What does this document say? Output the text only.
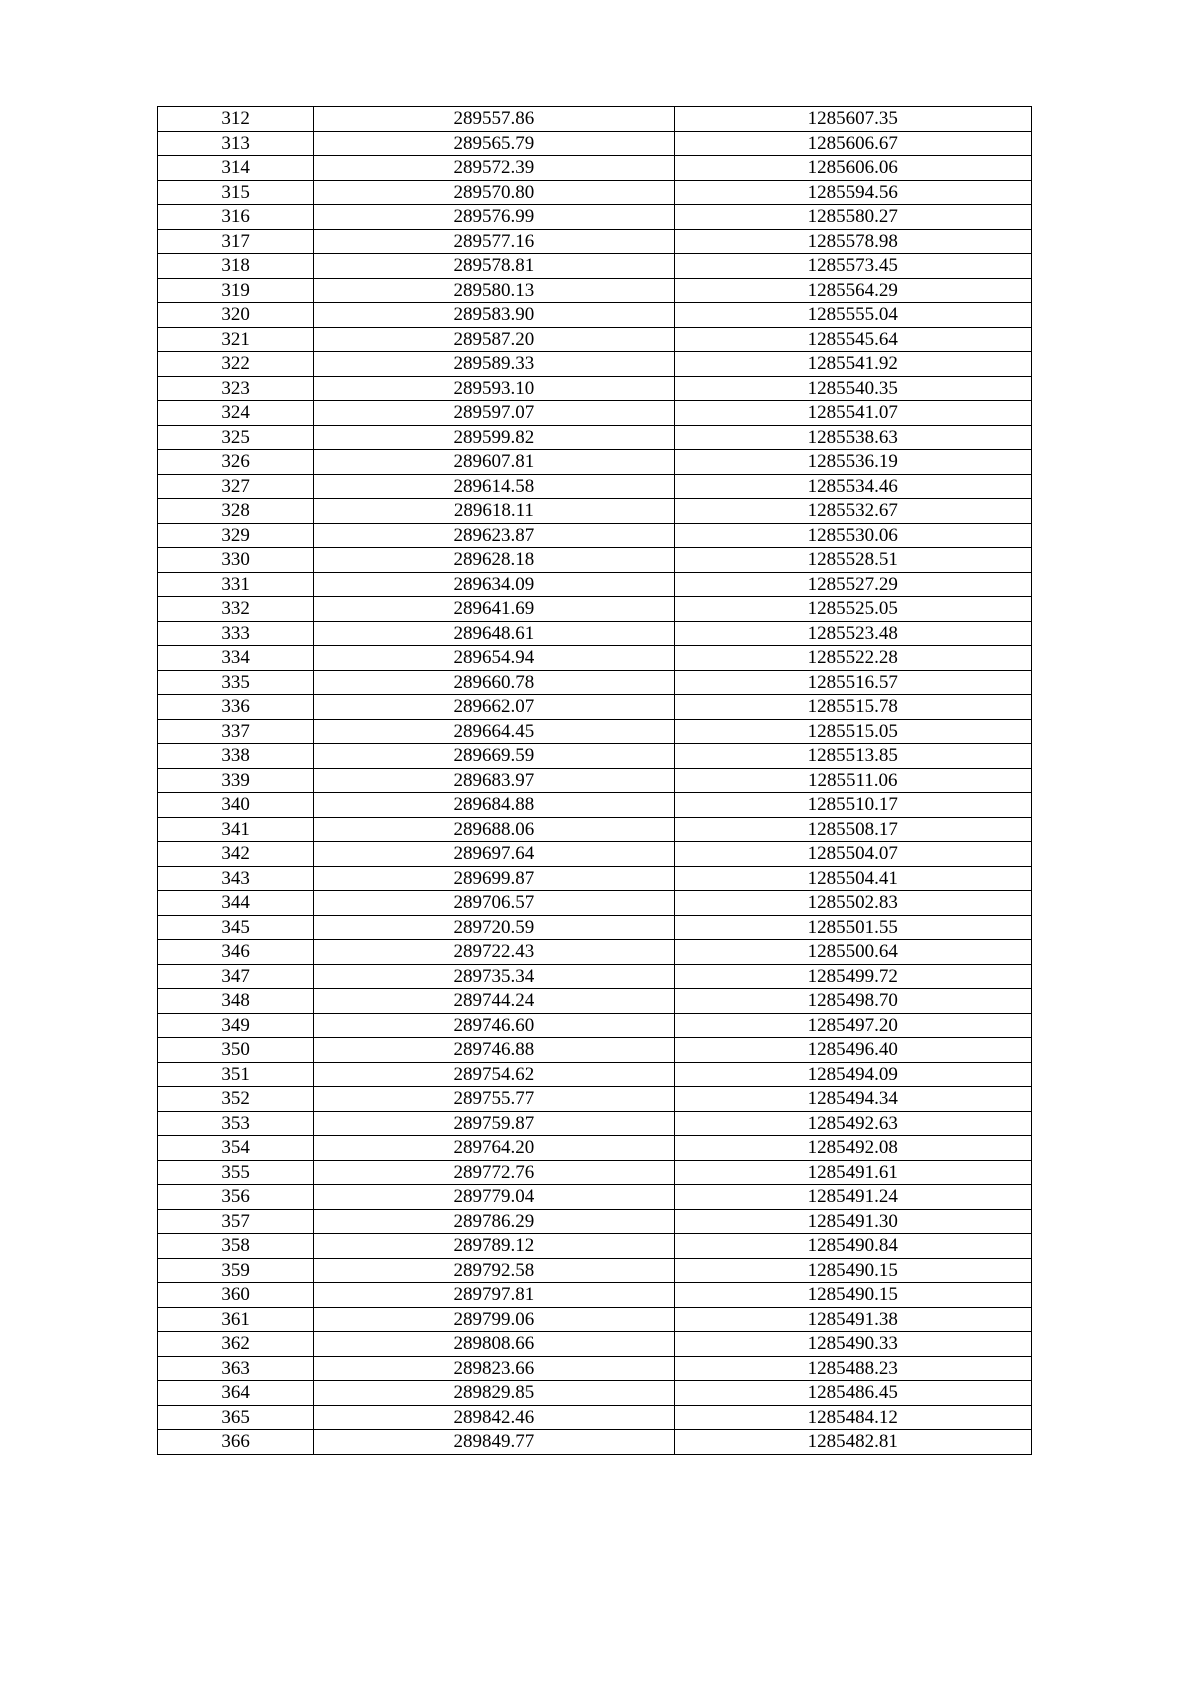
312	289557.86	1285607.35
313	289565.79	1285606.67
314	289572.39	1285606.06
315	289570.80	1285594.56
316	289576.99	1285580.27
317	289577.16	1285578.98
318	289578.81	1285573.45
319	289580.13	1285564.29
320	289583.90	1285555.04
321	289587.20	1285545.64
322	289589.33	1285541.92
323	289593.10	1285540.35
324	289597.07	1285541.07
325	289599.82	1285538.63
326	289607.81	1285536.19
327	289614.58	1285534.46
328	289618.11	1285532.67
329	289623.87	1285530.06
330	289628.18	1285528.51
331	289634.09	1285527.29
332	289641.69	1285525.05
333	289648.61	1285523.48
334	289654.94	1285522.28
335	289660.78	1285516.57
336	289662.07	1285515.78
337	289664.45	1285515.05
338	289669.59	1285513.85
339	289683.97	1285511.06
340	289684.88	1285510.17
341	289688.06	1285508.17
342	289697.64	1285504.07
343	289699.87	1285504.41
344	289706.57	1285502.83
345	289720.59	1285501.55
346	289722.43	1285500.64
347	289735.34	1285499.72
348	289744.24	1285498.70
349	289746.60	1285497.20
350	289746.88	1285496.40
351	289754.62	1285494.09
352	289755.77	1285494.34
353	289759.87	1285492.63
354	289764.20	1285492.08
355	289772.76	1285491.61
356	289779.04	1285491.24
357	289786.29	1285491.30
358	289789.12	1285490.84
359	289792.58	1285490.15
360	289797.81	1285490.15
361	289799.06	1285491.38
362	289808.66	1285490.33
363	289823.66	1285488.23
364	289829.85	1285486.45
365	289842.46	1285484.12
366	289849.77	1285482.81
